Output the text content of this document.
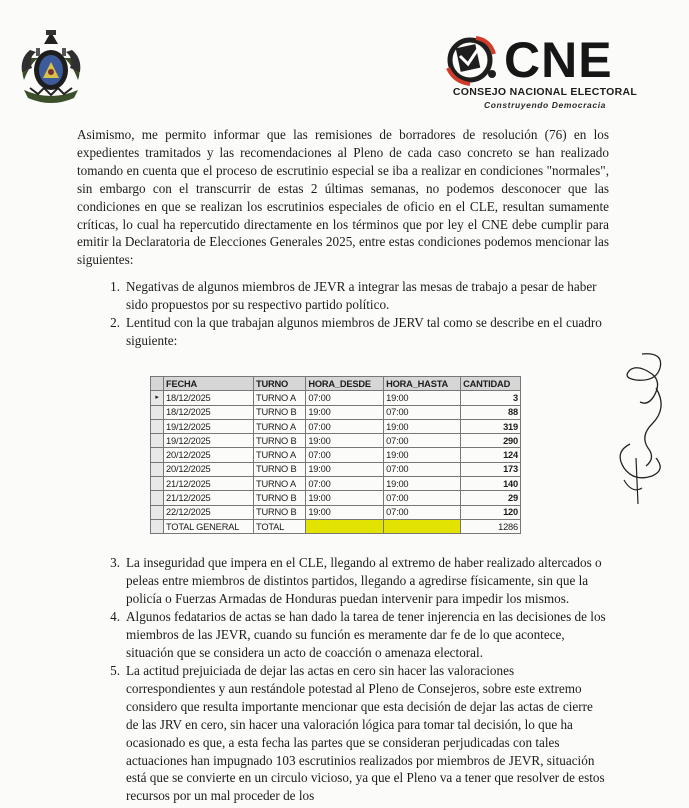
CNE
CONSEJO NACIONAL ELECTORAL
Construyendo Democracia

Asimismo, me permito informar que las remisiones de borradores de resolución (76) en los expedientes tramitados y las recomendaciones al Pleno de cada caso concreto se han realizado tomando en cuenta que el proceso de escrutinio especial se iba a realizar en condiciones "normales", sin embargo con el transcurrir de estas 2 últimas semanas, no podemos desconocer que las condiciones en que se realizan los escrutinios especiales de oficio en el CLE, resultan sumamente críticas, lo cual ha repercutido directamente en los términos que por ley el CNE debe cumplir para emitir la Declaratoria de Elecciones Generales 2025, entre estas condiciones podemos mencionar las siguientes:

1. Negativas de algunos miembros de JEVR a integrar las mesas de trabajo a pesar de haber sido propuestos por su respectivo partido político.
2. Lentitud con la que trabajan algunos miembros de JERV tal como se describe en el cuadro siguiente:
	FECHA	TURNO	HORA_DESDE	HORA_HASTA	CANTIDAD
▸	18/12/2025	TURNO A	07:00	19:00	3
	18/12/2025	TURNO B	19:00	07:00	88
	19/12/2025	TURNO A	07:00	19:00	319
	19/12/2025	TURNO B	19:00	07:00	290
	20/12/2025	TURNO A	07:00	19:00	124
	20/12/2025	TURNO B	19:00	07:00	173
	21/12/2025	TURNO A	07:00	19:00	140
	21/12/2025	TURNO B	19:00	07:00	29
	22/12/2025	TURNO B	19:00	07:00	120
	TOTAL GENERAL	TOTAL			1286
3. La inseguridad que impera en el CLE, llegando al extremo de haber realizado altercados o peleas entre miembros de distintos partidos, llegando a agredirse físicamente, sin que la policía o Fuerzas Armadas de Honduras puedan intervenir para impedir los mismos.
4. Algunos fedatarios de actas se han dado la tarea de tener injerencia en las decisiones de los miembros de las JEVR, cuando su función es meramente dar fe de lo que acontece, situación que se considera un acto de coacción o amenaza electoral.
5. La actitud prejuiciada de dejar las actas en cero sin hacer las valoraciones correspondientes y aun restándole potestad al Pleno de Consejeros, sobre este extremo considero que resulta importante mencionar que esta decisión de dejar las actas de cierre de las JRV en cero, sin hacer una valoración lógica para tomar tal decisión, lo que ha ocasionado es que, a esta fecha las partes que se consideran perjudicadas con tales actuaciones han impugnado 103 escrutinios realizados por miembros de JEVR, situación está que se convierte en un circulo vicioso, ya que el Pleno va a tener que resolver de estos recursos por un mal proceder de los
